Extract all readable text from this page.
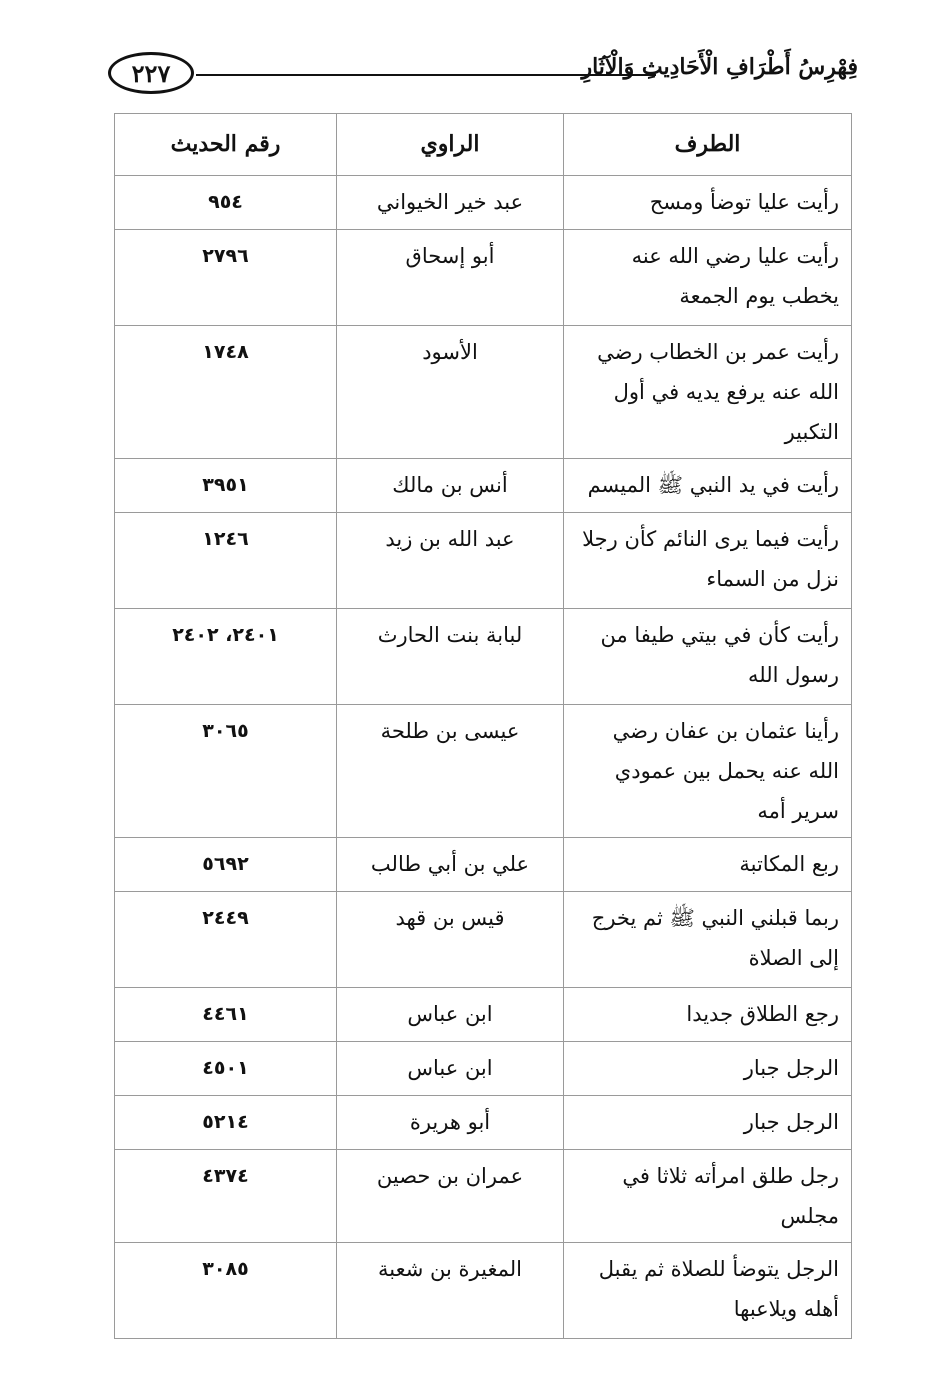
٢٢٧	فِهْرِسُ أَطْرَافِ الْأَحَادِيثِ وَالْآثَارِ
الطرف	الراوي	رقم الحديث
رأيت عليا توضأ ومسح	عبد خير الخيواني	٩٥٤
رأيت عليا رضي الله عنه يخطب يوم الجمعة	أبو إسحاق	٢٧٩٦
رأيت عمر بن الخطاب رضي الله عنه يرفع يديه في أول التكبير	الأسود	١٧٤٨
رأيت في يد النبي ﷺ الميسم	أنس بن مالك	٣٩٥١
رأيت فيما يرى النائم كأن رجلا نزل من السماء	عبد الله بن زيد	١٢٤٦
رأيت كأن في بيتي طيفا من رسول الله	لبابة بنت الحارث	٢٤٠١، ٢٤٠٢
رأينا عثمان بن عفان رضي الله عنه يحمل بين عمودي سرير أمه	عيسى بن طلحة	٣٠٦٥
ربع المكاتبة	علي بن أبي طالب	٥٦٩٢
ربما قبلني النبي ﷺ ثم يخرج إلى الصلاة	قيس بن قهد	٢٤٤٩
رجع الطلاق جديدا	ابن عباس	٤٤٦١
الرجل جبار	ابن عباس	٤٥٠١
الرجل جبار	أبو هريرة	٥٢١٤
رجل طلق امرأته ثلاثا في مجلس	عمران بن حصين	٤٣٧٤
الرجل يتوضأ للصلاة ثم يقبل أهله ويلاعبها	المغيرة بن شعبة	٣٠٨٥
